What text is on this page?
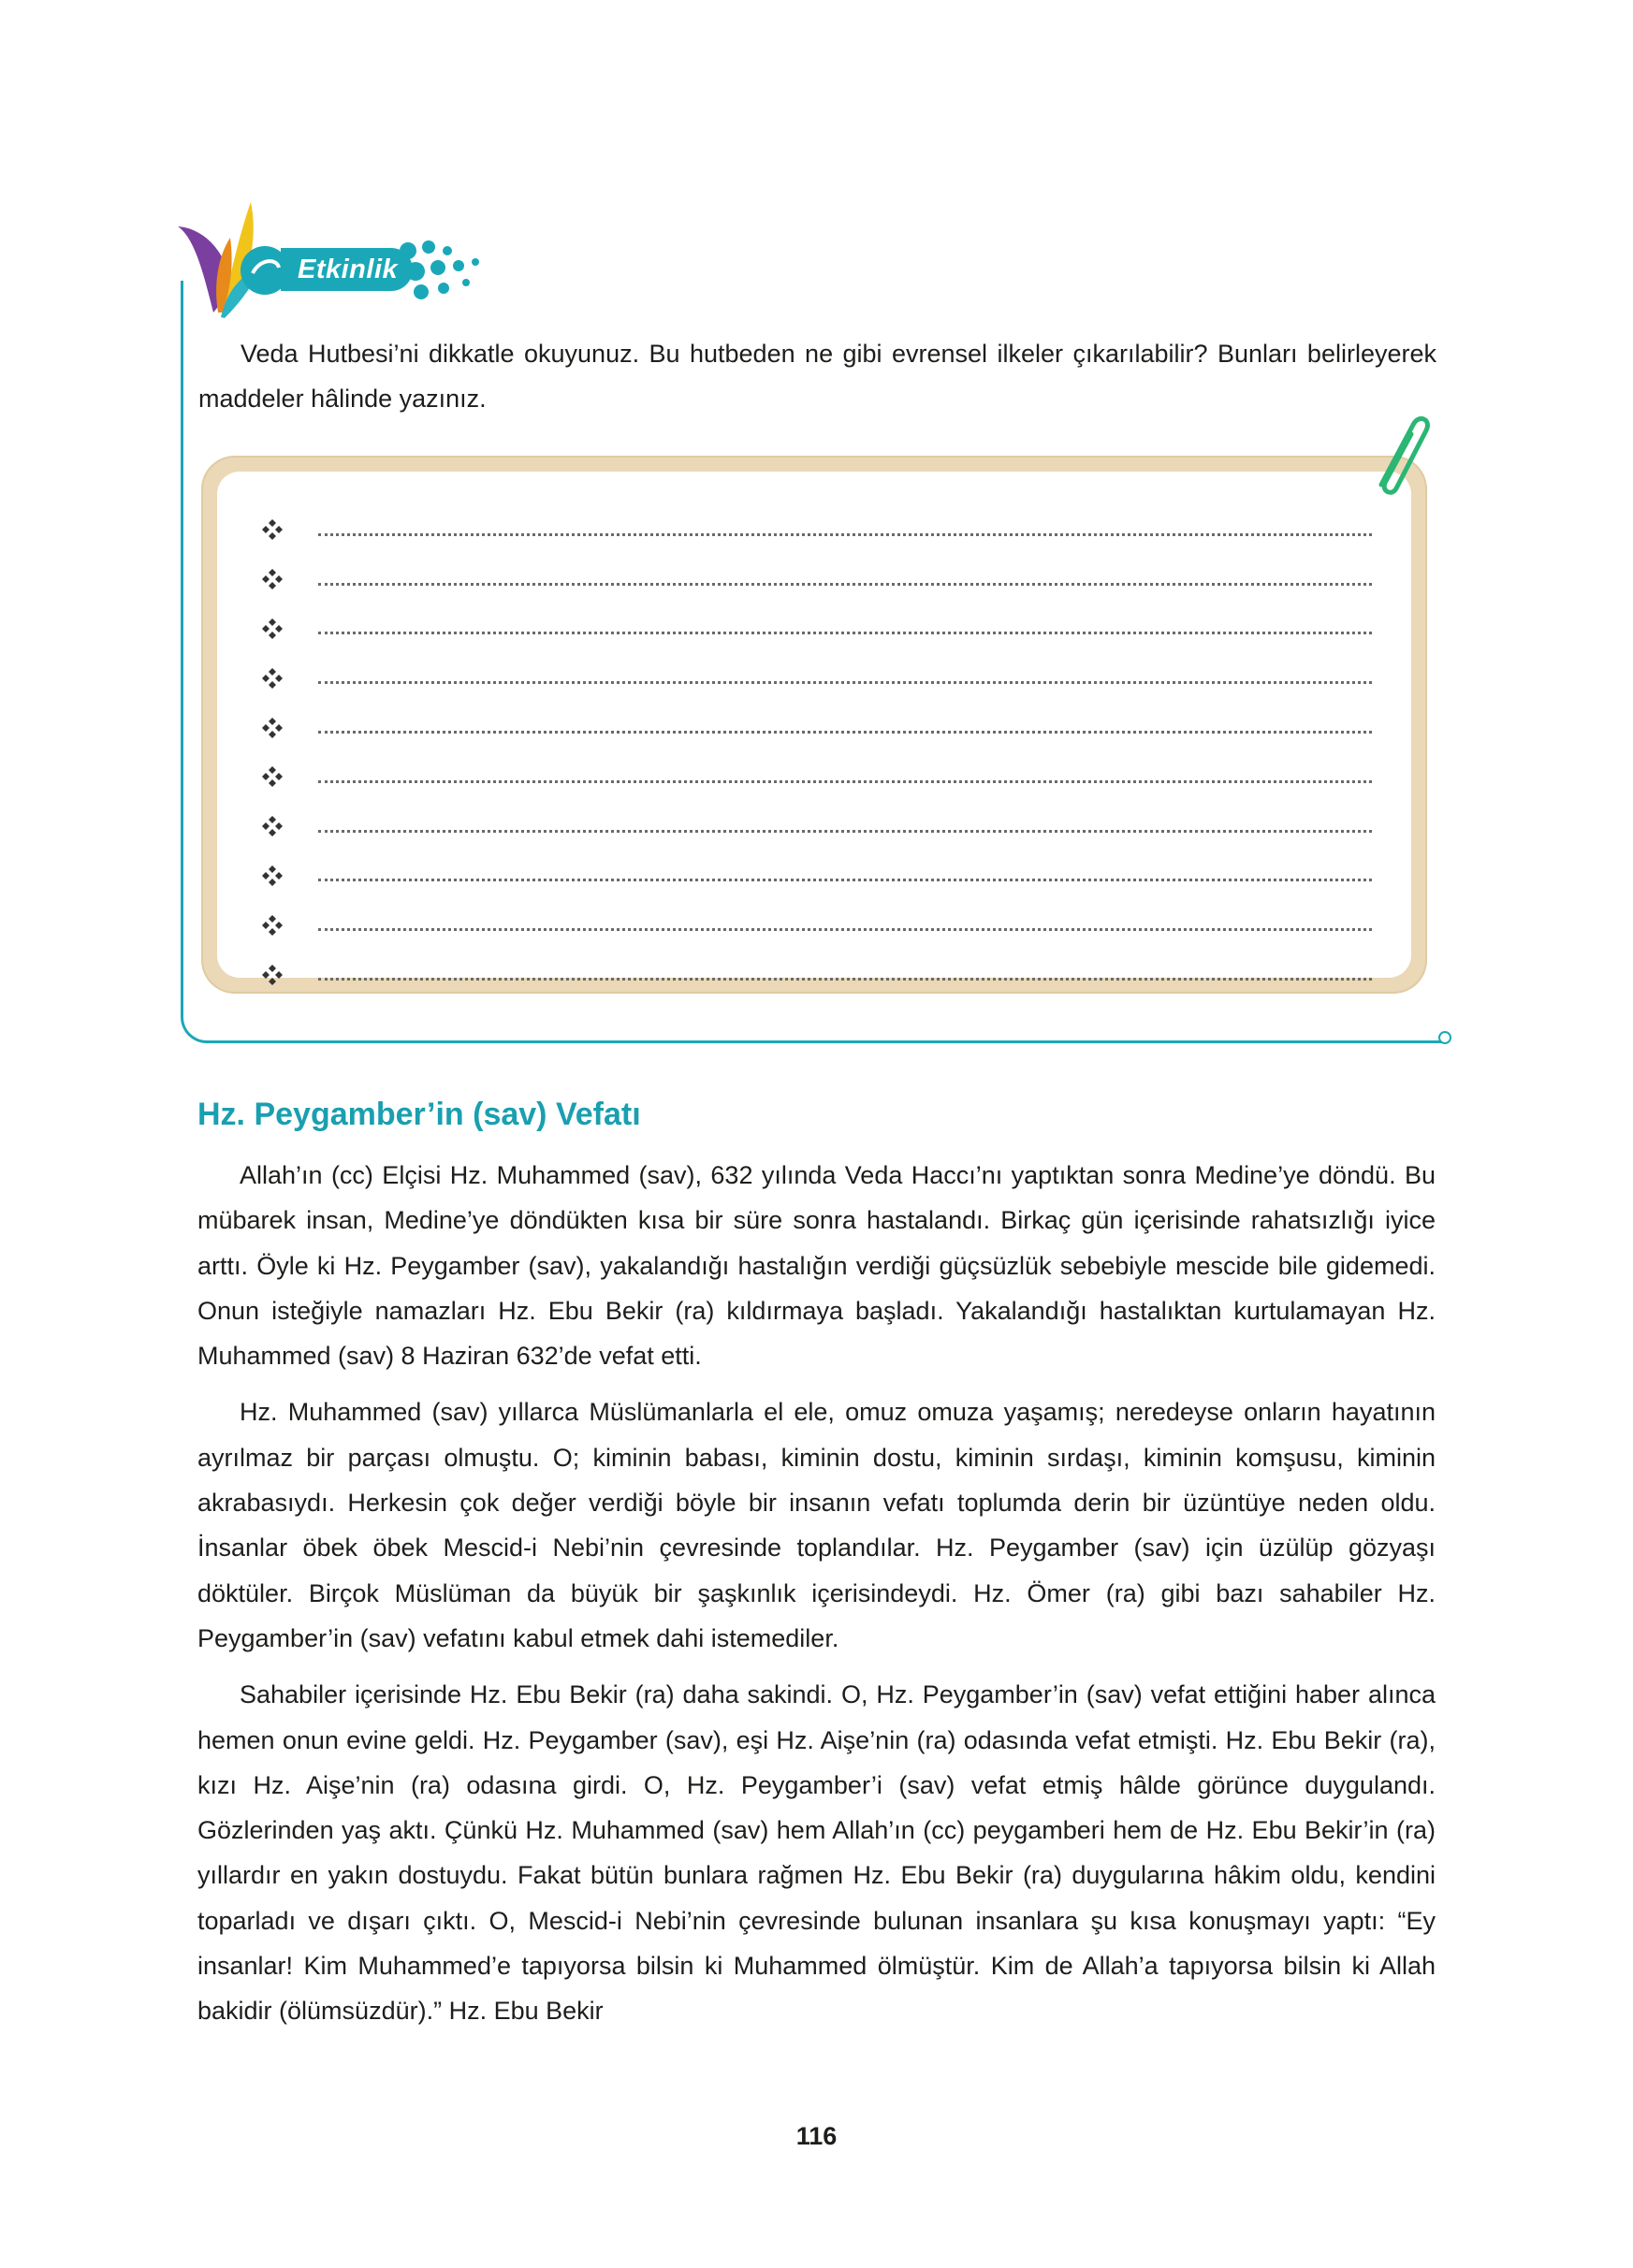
Etkinlik

Veda Hutbesi’ni dikkatle okuyunuz. Bu hutbeden ne gibi evrensel ilkeler çıkarılabilir? Bunları belirleyerek maddeler hâlinde yazınız.

Hz. Peygamber’in (sav) Vefatı

Allah’ın (cc) Elçisi Hz. Muhammed (sav), 632 yılında Veda Haccı’nı yaptıktan sonra Medine’ye döndü. Bu mübarek insan, Medine’ye döndükten kısa bir süre sonra hastalandı. Birkaç gün içerisinde rahatsızlığı iyice arttı. Öyle ki Hz. Peygamber (sav), yakalandığı hastalığın verdiği güçsüzlük sebebiyle mescide bile gidemedi. Onun isteğiyle namazları Hz. Ebu Bekir (ra) kıldırmaya başladı. Yakalandığı hastalıktan kurtulamayan Hz. Muhammed (sav) 8 Haziran 632’de vefat etti.

Hz. Muhammed (sav) yıllarca Müslümanlarla el ele, omuz omuza yaşamış; neredeyse onların hayatının ayrılmaz bir parçası olmuştu. O; kiminin babası, kiminin dostu, kiminin sırdaşı, kiminin komşusu, kiminin akrabasıydı. Herkesin çok değer verdiği böyle bir insanın vefatı toplumda derin bir üzüntüye neden oldu. İnsanlar öbek öbek Mescid-i Nebi’nin çevresinde toplandılar. Hz. Peygamber (sav) için üzülüp gözyaşı döktüler. Birçok Müslüman da büyük bir şaşkınlık içerisindeydi. Hz. Ömer (ra) gibi bazı sahabiler Hz. Peygamber’in (sav) vefatını kabul etmek dahi istemediler.

Sahabiler içerisinde Hz. Ebu Bekir (ra) daha sakindi. O, Hz. Peygamber’in (sav) vefat ettiğini haber alınca hemen onun evine geldi. Hz. Peygamber (sav), eşi Hz. Aişe’nin (ra) odasında vefat etmişti. Hz. Ebu Bekir (ra), kızı Hz. Aişe’nin (ra) odasına girdi. O, Hz. Peygamber’i (sav) vefat etmiş hâlde görünce duygulandı. Gözlerinden yaş aktı. Çünkü Hz. Muhammed (sav) hem Allah’ın (cc) peygamberi hem de Hz. Ebu Bekir’in (ra) yıllardır en yakın dostuydu. Fakat bütün bunlara rağmen Hz. Ebu Bekir (ra) duygularına hâkim oldu, kendini toparladı ve dışarı çıktı. O, Mescid-i Nebi’nin çevresinde bulunan insanlara şu kısa konuşmayı yaptı: “Ey insanlar! Kim Muhammed’e tapıyorsa bilsin ki Muhammed ölmüştür. Kim de Allah’a tapıyorsa bilsin ki Allah bakidir (ölümsüzdür).” Hz. Ebu Bekir

116
